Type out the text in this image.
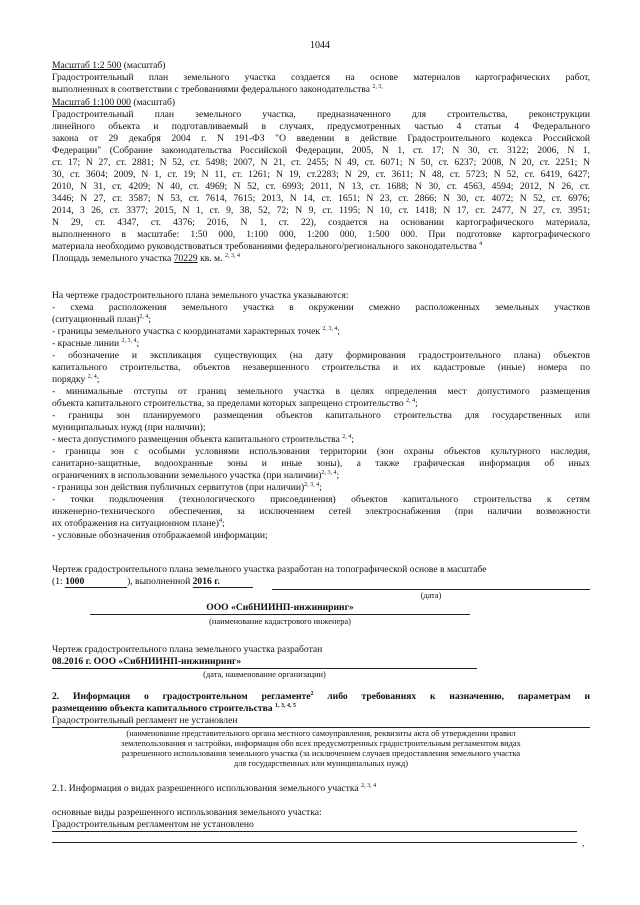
1044
Масштаб 1:2 500 (масштаб)
Градостроительный план земельного участка создается на основе материалов картографических работ,
выполненных в соответствии с требованиями федерального законодательства $^{2, 3,}$
Масштаб 1:100 000 (масштаб)
Градостроительный план земельного участка, предназначенного для строительства, реконструкции
линейного объекта и подготавливаемый в случаях, предусмотренных частью 4 статьи 4 Федерального
закона от 29 декабря 2004 г. N 191-ФЗ "О введении в действие Градостроительного кодекса Российской
Федерации" (Собрание законодательства Российской Федерации, 2005, N 1, ст. 17; N 30, ст. 3122; 2006, N 1,
ст. 17; N 27, ст. 2881; N 52, ст. 5498; 2007, N 21, ст. 2455; N 49, ст. 6071; N 50, ст. 6237; 2008, N 20, ст. 2251; N
30, ст. 3604; 2009, N 1, ст. 19; N 11, ст. 1261; N 19, ст.2283; N 29, ст. 3611; N 48, ст. 5723; N 52, ст. 6419, 6427;
2010, N 31, ст. 4209; N 40, ст. 4969; N 52, ст. 6993; 2011, N 13, ст. 1688; N 30, ст. 4563, 4594; 2012, N 26, ст.
3446; N 27, ст. 3587; N 53, ст. 7614, 7615; 2013, N 14, ст. 1651; N 23, ст. 2866; N 30, ст. 4072; N 52, ст. 6976;
2014, 3 26, ст. 3377; 2015, N 1, ст. 9, 38, 52, 72; N 9, ст. 1195; N 10, ст. 1418; N 17, ст. 2477, N 27, ст. 3951;
N 29, ст. 4347, ст. 4376; 2016, N 1, ст. 22), создается на основании картографического материала,
выполненного в масштабе: 1:50 000, 1:100 000, 1:200 000, 1:500 000. При подготовке картографического
материала необходимо руководствоваться требованиями федерального/регионального законодательства $^4$
Площадь земельного участка 70229 кв. м. $^{2, 3, 4}$
На чертеже градостроительного плана земельного участка указываются:
- схема расположения земельного участка в окружении смежно расположенных земельных участков
(ситуационный план)$^{2, 4}$;
- границы земельного участка с координатами характерных точек $^{2, 3, 4}$;
- красные линии $^{2, 3, 4}$;
- обозначение и экспликация существующих (на дату формирования градостроительного плана) объектов
капитального строительства, объектов незавершенного строительства и их кадастровые (иные) номера по
порядку $^{2, 4}$;
- минимальные отступы от границ земельного участка в целях определения мест допустимого размещения
объекта капитального строительства, за пределами которых запрещено строительство $^{2, 4}$;
- границы зон планируемого размещения объектов капитального строительства для государственных или
муниципальных нужд (при наличии);
- места допустимого размещения объекта капитального строительства $^{2, 4}$;
- границы зон с особыми условиями использования территории (зон охраны объектов культурного наследия,
санитарно-защитные, водоохранные зоны и иные зоны), а также графическая информация об иных
ограничениях в использовании земельного участка (при наличии)$^{2, 3, 4}$;
- границы зон действия публичных сервитутов (при наличии)$^{2, 3, 4}$;
- точки подключения (технологического присоединения) объектов капитального строительства к сетям
инженерно-технического обеспечения, за исключением сетей электроснабжения (при наличии возможности
их отображения на ситуационном плане)$^4$;
- условные обозначения отображаемой информации;
Чертеж градостроительного плана земельного участка разработан на топографической основе в масштабе
(1: 1000	), выполненной 2016 г.
(дата)
ООО «СибНИИНП-инжиниринг»
(наименование кадастрового инженера)
Чертеж градостроительного плана земельного участка разработан
08.2016 г. ООО «СибНИИНП-инжиниринг»
(дата, наименование организации)
2. Информация о градостроительном регламенте$^2$ либо требованиях к назначению, параметрам и
размещению объекта капитального строительства $^{1, 3, 4, 5}$
Градостроительный регламент не установлен
(наименование представительного органа местного самоуправления, реквизиты акта об утверждении правил
землепользования и застройки, информация обо всех предусмотренных градостроительным регламентом видах
разрешенного использования земельного участка (за исключением случаев предоставления земельного участка
для государственных или муниципальных нужд)
2.1. Информация о видах разрешенного использования земельного участка $^{2, 3, 4}$
основные виды разрешенного использования земельного участка:
Градостроительным регламентом не установлено
,
